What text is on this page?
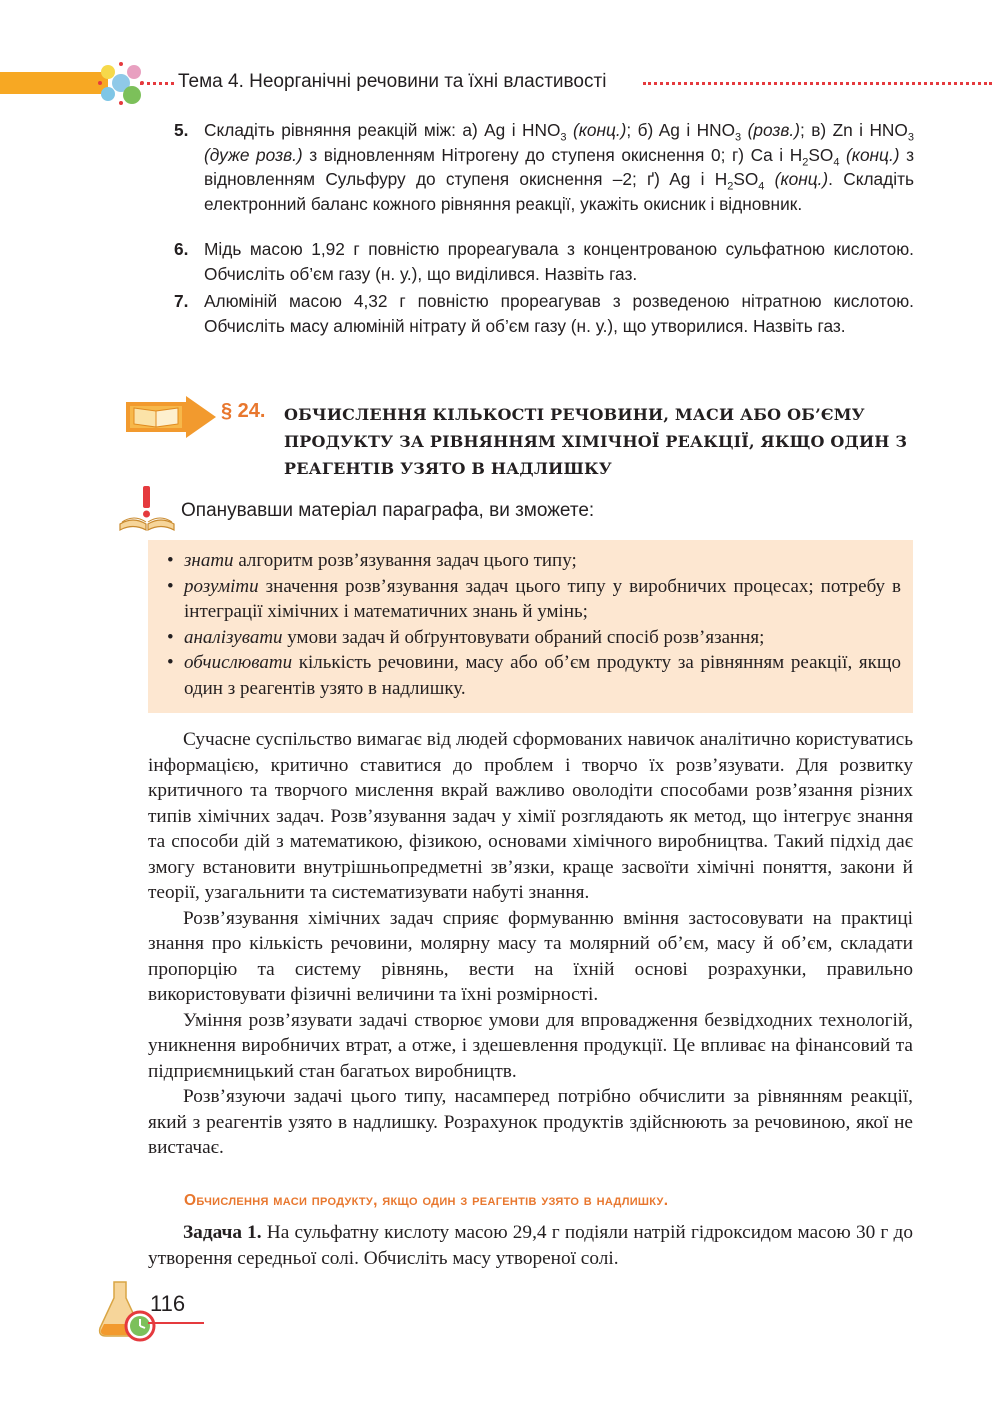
Тема 4. Неорганічні речовини та їхні властивості
5. Складіть рівняння реакцій між: а) Ag і $HNO_3$ (конц.); б) Ag і $HNO_3$ (розв.); в) Zn і $HNO_3$ (дуже розв.) з відновленням Нітрогену до ступеня окиснення 0; г) Ca і $H_2SO_4$ (конц.) з відновленням Сульфуру до ступеня окиснення –2; ґ) Ag і $H_2SO_4$ (конц.). Складіть електронний баланс кожного рівняння реакції, укажіть окисник і відновник.
6. Мідь масою 1,92 г повністю прореагувала з концентрованою сульфатною кислотою. Обчисліть об’єм газу (н. у.), що виділився. Назвіть газ.
7. Алюміній масою 4,32 г повністю прореагував з розведеною нітратною кислотою. Обчисліть масу алюміній нітрату й об’єм газу (н. у.), що утворилися. Назвіть газ.
§ 24. ОБЧИСЛЕННЯ КІЛЬКОСТІ РЕЧОВИНИ, МАСИ АБО ОБ’ЄМУ ПРОДУКТУ ЗА РІВНЯННЯМ ХІМІЧНОЇ РЕАКЦІЇ, ЯКЩО ОДИН З РЕАГЕНТІВ УЗЯТО В НАДЛИШКУ
Опанувавши матеріал параграфа, ви зможете:
• знати алгоритм розв’язування задач цього типу;
• розуміти значення розв’язування задач цього типу у виробничих процесах; потребу в інтеграції хімічних і математичних знань й умінь;
• аналізувати умови задач й обґрунтовувати обраний спосіб розв’язання;
• обчислювати кількість речовини, масу або об’єм продукту за рівнянням реакції, якщо один з реагентів узято в надлишку.

Сучасне суспільство вимагає від людей сформованих навичок аналітично користуватись інформацією, критично ставитися до проблем і творчо їх розв’язувати. Для розвитку критичного та творчого мислення вкрай важливо оволодіти способами розв’язання різних типів хімічних задач. Розв’язування задач у хімії розглядають як метод, що інтегрує знання та способи дій з математикою, фізикою, основами хімічного виробництва. Такий підхід дає змогу встановити внутрішньопредметні зв’язки, краще засвоїти хімічні поняття, закони й теорії, узагальнити та систематизувати набуті знання.

Розв’язування хімічних задач сприяє формуванню вміння застосовувати на практиці знання про кількість речовини, молярну масу та молярний об’єм, масу й об’єм, складати пропорцію та систему рівнянь, вести на їхній основі розрахунки, правильно використовувати фізичні величини та їхні розмірності.

Уміння розв’язувати задачі створює умови для впровадження безвідходних технологій, уникнення виробничих втрат, а отже, і здешевлення продукції. Це впливає на фінансовий та підприємницький стан багатьох виробництв.

Розв’язуючи задачі цього типу, насамперед потрібно обчислити за рівнянням реакції, який з реагентів узято в надлишку. Розрахунок продуктів здійснюють за речовиною, якої не вистачає.

Обчислення маси продукту, якщо один з реагентів узято в надлишку.
Задача 1. На сульфатну кислоту масою 29,4 г подіяли натрій гідроксидом масою 30 г до утворення середньої солі. Обчисліть масу утвореної солі.
116
